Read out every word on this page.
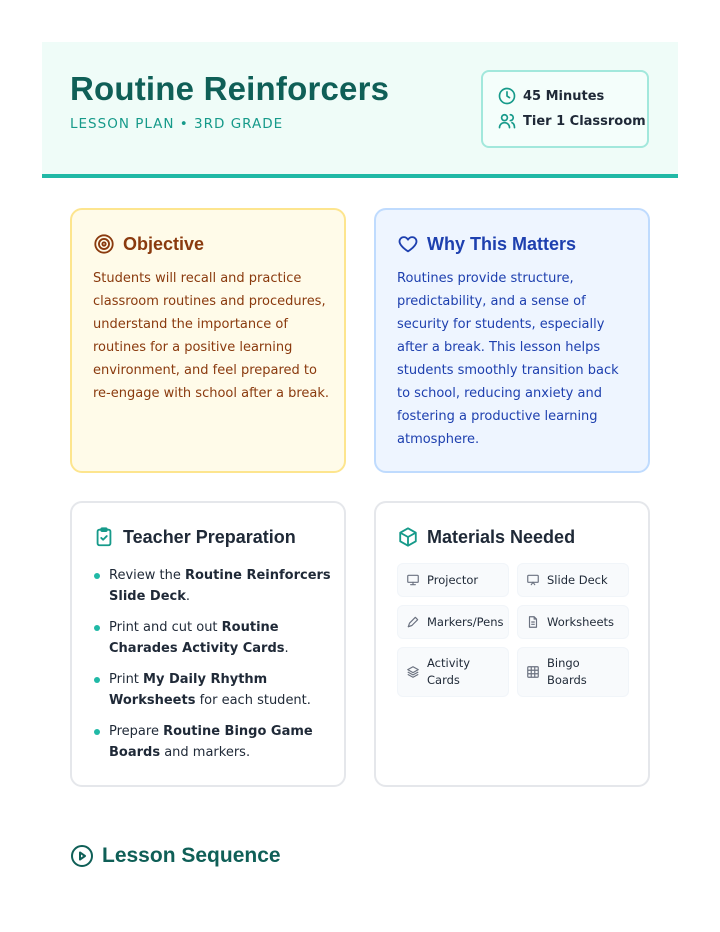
Routine Reinforcers
LESSON PLAN • 3RD GRADE
45 Minutes
Tier 1 Classroom
Objective
Students will recall and practice classroom routines and procedures, understand the importance of routines for a positive learning environment, and feel prepared to re-engage with school after a break.
Why This Matters
Routines provide structure, predictability, and a sense of security for students, especially after a break. This lesson helps students smoothly transition back to school, reducing anxiety and fostering a productive learning atmosphere.
Teacher Preparation
Review the Routine Reinforcers Slide Deck.
Print and cut out Routine Charades Activity Cards.
Print My Daily Rhythm Worksheets for each student.
Prepare Routine Bingo Game Boards and markers.
Materials Needed
Projector	Slide Deck
Markers/Pens	Worksheets
Activity Cards
Bingo Boards
Lesson Sequence
